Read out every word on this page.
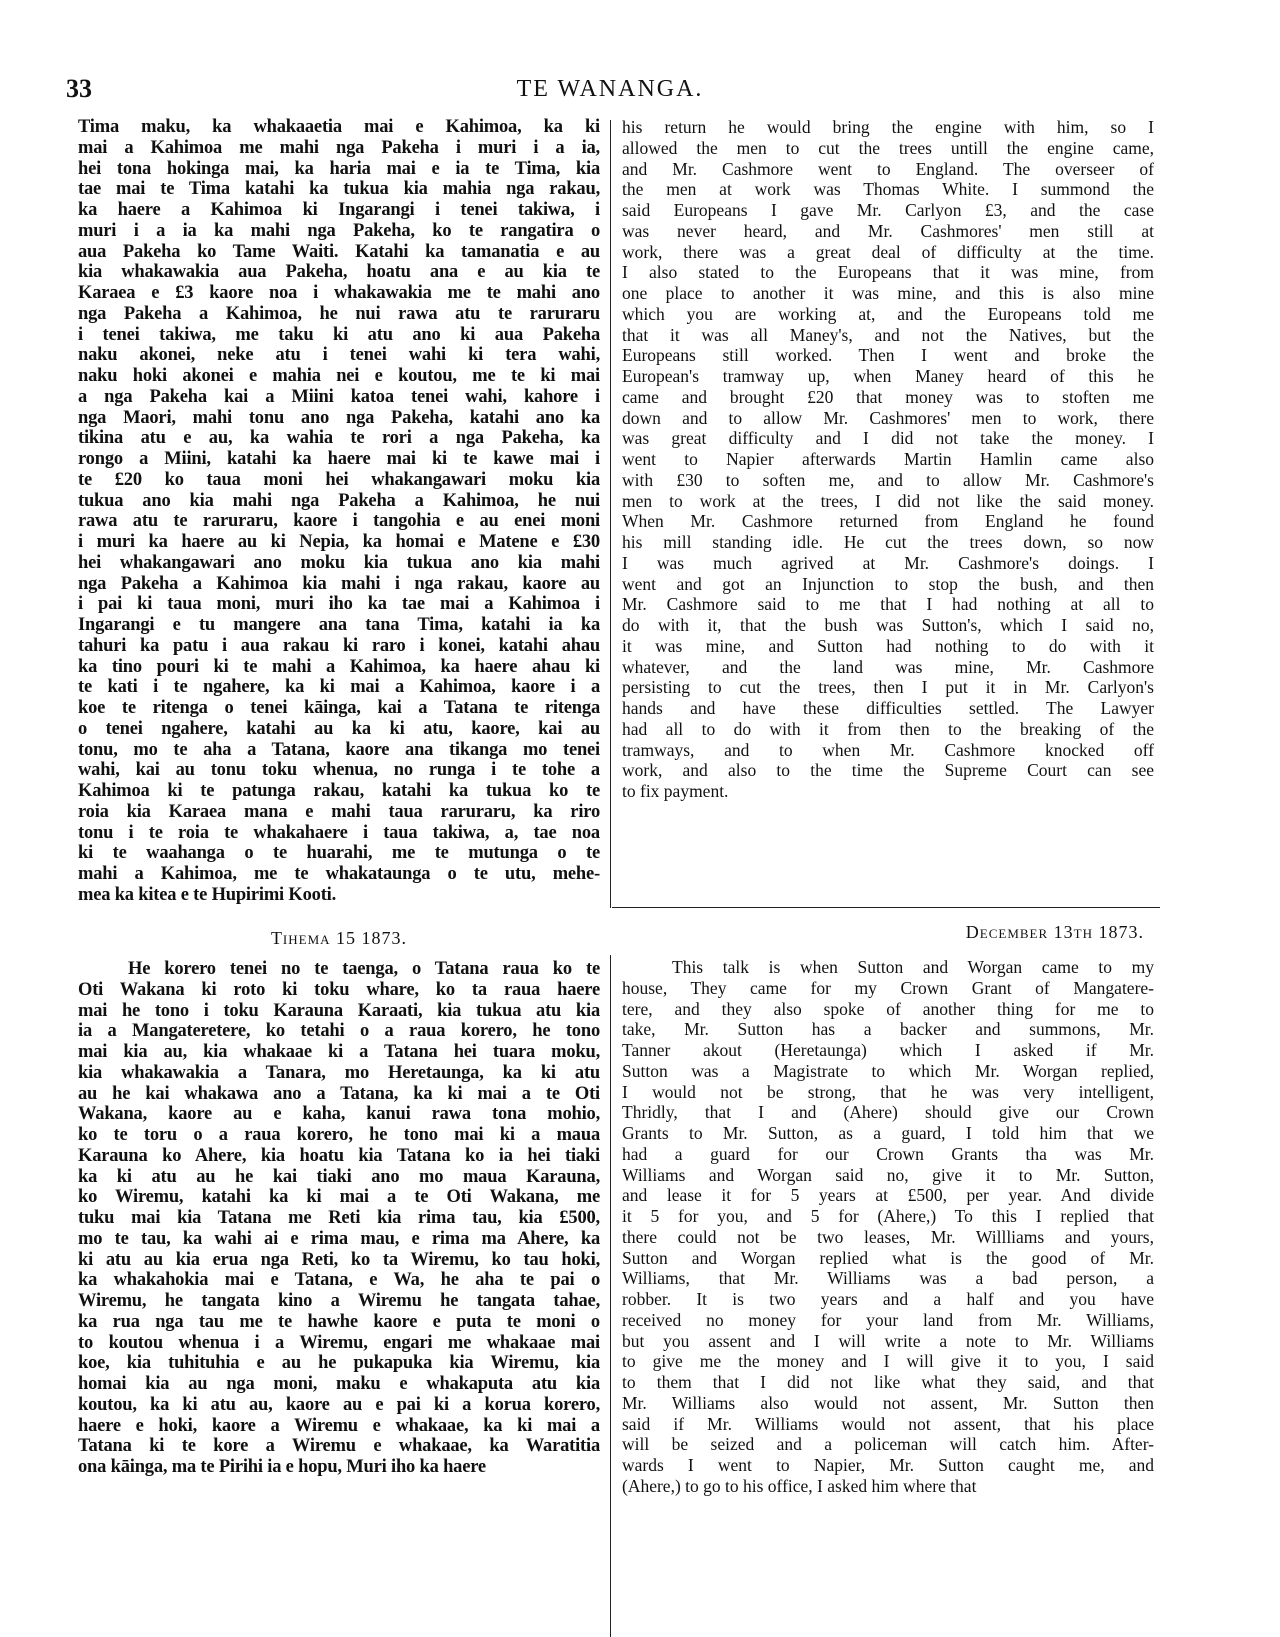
33	TE WANANGA.
Tima maku, ka whakaaetia mai e Kahimoa, ka ki
mai a Kahimoa me mahi nga Pakeha i muri i a ia,
hei tona hokinga mai, ka haria mai e ia te Tima, kia
tae mai te Tima katahi ka tukua kia mahia nga rakau,
ka haere a Kahimoa ki Ingarangi i tenei takiwa, i
muri i a ia ka mahi nga Pakeha, ko te rangatira o
aua Pakeha ko Tame Waiti. Katahi ka tamanatia e au
kia whakawakia aua Pakeha, hoatu ana e au kia te
Karaea e £3 kaore noa i whakawakia me te mahi ano
nga Pakeha a Kahimoa, he nui rawa atu te raruraru
i tenei takiwa, me taku ki atu ano ki aua Pakeha
naku akonei, neke atu i tenei wahi ki tera wahi,
naku hoki akonei e mahia nei e koutou, me te ki mai
a nga Pakeha kai a Miini katoa tenei wahi, kahore i
nga Maori, mahi tonu ano nga Pakeha, katahi ano ka
tikina atu e au, ka wahia te rori a nga Pakeha, ka
rongo a Miini, katahi ka haere mai ki te kawe mai i
te £20 ko taua moni hei whakangawari moku kia
tukua ano kia mahi nga Pakeha a Kahimoa, he nui
rawa atu te raruraru, kaore i tangohia e au enei moni
i muri ka haere au ki Nepia, ka homai e Matene e £30
hei whakangawari ano moku kia tukua ano kia mahi
nga Pakeha a Kahimoa kia mahi i nga rakau, kaore au
i pai ki taua moni, muri iho ka tae mai a Kahimoa i
Ingarangi e tu mangere ana tana Tima, katahi ia ka
tahuri ka patu i aua rakau ki raro i konei, katahi ahau
ka tino pouri ki te mahi a Kahimoa, ka haere ahau ki
te kati i te ngahere, ka ki mai a Kahimoa, kaore i a
koe te ritenga o tenei kāinga, kai a Tatana te ritenga
o tenei ngahere, katahi au ka ki atu, kaore, kai au
tonu, mo te aha a Tatana, kaore ana tikanga mo tenei
wahi, kai au tonu toku whenua, no runga i te tohe a
Kahimoa ki te patunga rakau, katahi ka tukua ko te
roia kia Karaea mana e mahi taua raruraru, ka riro
tonu i te roia te whakahaere i taua takiwa, a, tae noa
ki te waahanga o te huarahi, me te mutunga o te
mahi a Kahimoa, me te whakataunga o te utu, mehe-
mea ka kitea e te Hupirimi Kooti.
his return he would bring the engine with him, so I
allowed the men to cut the trees untill the engine came,
and Mr. Cashmore went to England. The overseer of
the men at work was Thomas White. I summond the
said Europeans I gave Mr. Carlyon £3, and the case
was never heard, and Mr. Cashmores' men still at
work, there was a great deal of difficulty at the time.
I also stated to the Europeans that it was mine, from
one place to another it was mine, and this is also mine
which you are working at, and the Europeans told me
that it was all Maney's, and not the Natives, but the
Europeans still worked. Then I went and broke the
European's tramway up, when Maney heard of this he
came and brought £20 that money was to stoften me
down and to allow Mr. Cashmores' men to work, there
was great difficulty and I did not take the money. I
went to Napier afterwards Martin Hamlin came also
with £30 to soften me, and to allow Mr. Cashmore's
men to work at the trees, I did not like the said money.
When Mr. Cashmore returned from England he found
his mill standing idle. He cut the trees down, so now
I was much agrived at Mr. Cashmore's doings. I
went and got an Injunction to stop the bush, and then
Mr. Cashmore said to me that I had nothing at all to
do with it, that the bush was Sutton's, which I said no,
it was mine, and Sutton had nothing to do with it
whatever, and the land was mine, Mr. Cashmore
persisting to cut the trees, then I put it in Mr. Carlyon's
hands and have these difficulties settled. The Lawyer
had all to do with it from then to the breaking of the
tramways, and to when Mr. Cashmore knocked off
work, and also to the time the Supreme Court can see
to fix payment.
Tihema 15 1873.	December 13th 1873.
He korero tenei no te taenga, o Tatana raua ko te
Oti Wakana ki roto ki toku whare, ko ta raua haere
mai he tono i toku Karauna Karaati, kia tukua atu kia
ia a Mangateretere, ko tetahi o a raua korero, he tono
mai kia au, kia whakaae ki a Tatana hei tuara moku,
kia whakawakia a Tanara, mo Heretaunga, ka ki atu
au he kai whakawa ano a Tatana, ka ki mai a te Oti
Wakana, kaore au e kaha, kanui rawa tona mohio,
ko te toru o a raua korero, he tono mai ki a maua
Karauna ko Ahere, kia hoatu kia Tatana ko ia hei tiaki
ka ki atu au he kai tiaki ano mo maua Karauna,
ko Wiremu, katahi ka ki mai a te Oti Wakana, me
tuku mai kia Tatana me Reti kia rima tau, kia £500,
mo te tau, ka wahi ai e rima mau, e rima ma Ahere, ka
ki atu au kia erua nga Reti, ko ta Wiremu, ko tau hoki,
ka whakahokia mai e Tatana, e Wa, he aha te pai o
Wiremu, he tangata kino a Wiremu he tangata tahae,
ka rua nga tau me te hawhe kaore e puta te moni o
to koutou whenua i a Wiremu, engari me whakaae mai
koe, kia tuhituhia e au he pukapuka kia Wiremu, kia
homai kia au nga moni, maku e whakaputa atu kia
koutou, ka ki atu au, kaore au e pai ki a korua korero,
haere e hoki, kaore a Wiremu e whakaae, ka ki mai a
Tatana ki te kore a Wiremu e whakaae, ka Waratitia
ona kāinga, ma te Pirihi ia e hopu, Muri iho ka haere
This talk is when Sutton and Worgan came to my
house, They came for my Crown Grant of Mangatere-
tere, and they also spoke of another thing for me to
take, Mr. Sutton has a backer and summons, Mr.
Tanner akout (Heretaunga) which I asked if Mr.
Sutton was a Magistrate to which Mr. Worgan replied,
I would not be strong, that he was very intelligent,
Thridly, that I and (Ahere) should give our Crown
Grants to Mr. Sutton, as a guard, I told him that we
had a guard for our Crown Grants tha was Mr.
Williams and Worgan said no, give it to Mr. Sutton,
and lease it for 5 years at £500, per year. And divide
it 5 for you, and 5 for (Ahere,) To this I replied that
there could not be two leases, Mr. Willliams and yours,
Sutton and Worgan replied what is the good of Mr.
Williams, that Mr. Williams was a bad person, a
robber. It is two years and a half and you have
received no money for your land from Mr. Williams,
but you assent and I will write a note to Mr. Williams
to give me the money and I will give it to you, I said
to them that I did not like what they said, and that
Mr. Williams also would not assent, Mr. Sutton then
said if Mr. Williams would not assent, that his place
will be seized and a policeman will catch him. After-
wards I went to Napier, Mr. Sutton caught me, and
(Ahere,) to go to his office, I asked him where that
